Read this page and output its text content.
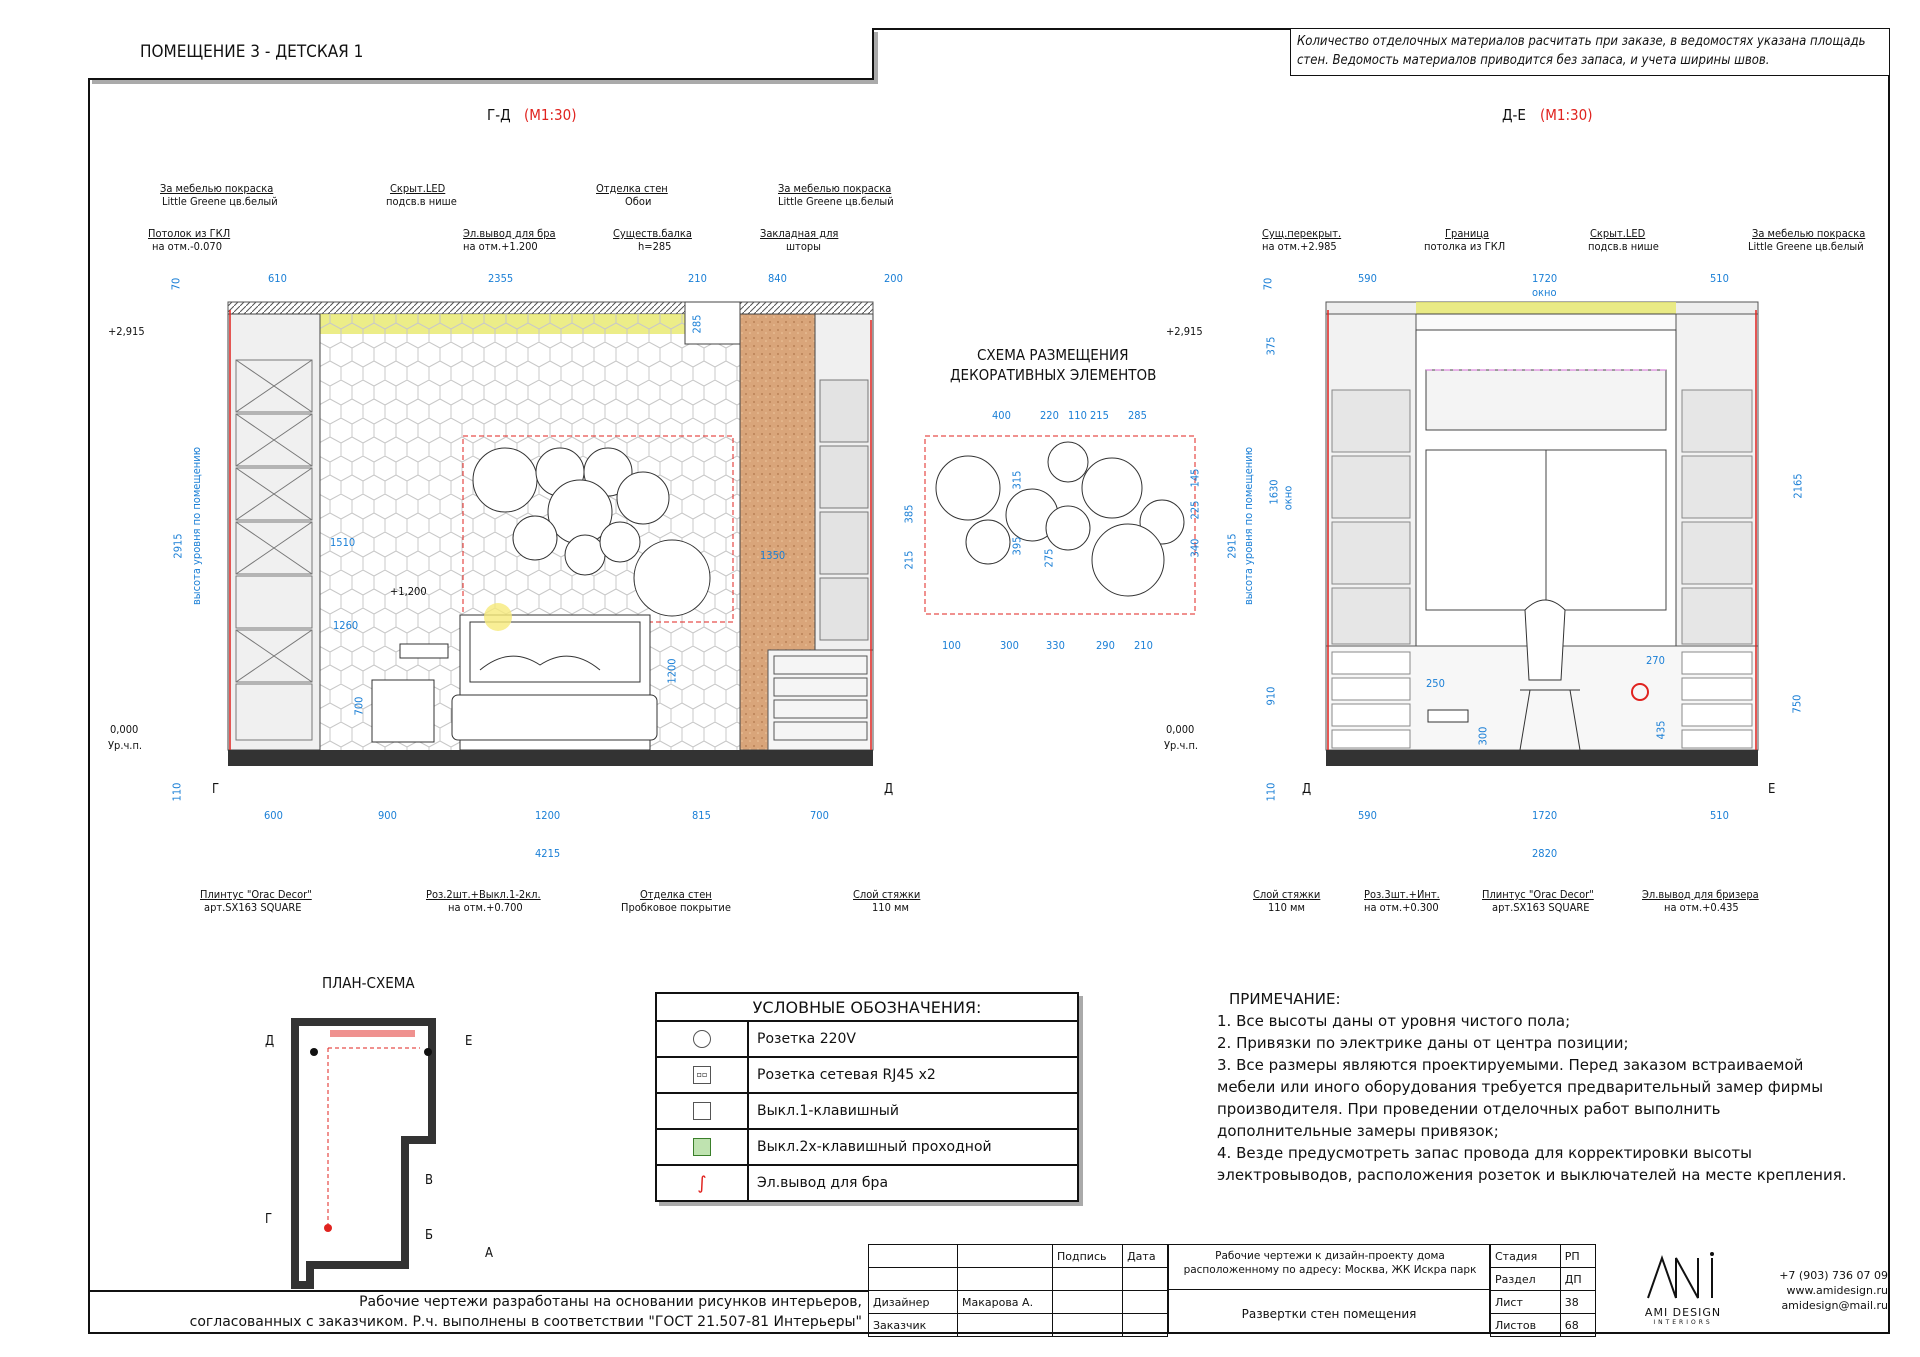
ПОМЕЩЕНИЕ 3 - ДЕТСКАЯ 1
Количество отделочных материалов расчитать при заказе, в ведомостях указана площадь стен. Ведомость материалов приводится без запаса, и учета ширины швов.
Г-Д (М1:30)
За мебелью покраска
Little Greene цв.белый
Потолок из ГКЛ
на отм.-0.070
Скрыт.LED
подсв.в нише
Эл.вывод для бра
на отм.+1.200
Отделка стен
Обои
Существ.балка
h=285
За мебелью покраска
Little Greene цв.белый
Закладная для
шторы
610	2355	210	840	200
70
285
1510
1260
1350
1200
700
+2,915
0,000
Ур.ч.п.
+1,200
2915 высота уровня по помещению
110 Г	Д
600	900	1200	815	700
4215
Плинтус "Orac Decor"
арт.SX163 SQUARE
Роз.2шт.+Выкл.1-2кл.
на отм.+0.700
Отделка стен
Пробковое покрытие
Слой стяжки
110 мм
Д-Е (М1:30)
Сущ.перекрыт.
на отм.+2.985
Граница
потолка из ГКЛ
Скрыт.LED
подсв.в нише
За мебелью покраска
Little Greene цв.белый
590	1720	510
70
окно
375
1630 окно
910
2915 высота уровня по помещению	2165
750
250
270
300	435
+2,915
0,000
Ур.ч.п.
110 Д	Е
590	1720	510
2820
Слой стяжки
110 мм
Роз.3шт.+Инт.
на отм.+0.300
Плинтус "Orac Decor"
арт.SX163 SQUARE
Эл.вывод для бризера
на отм.+0.435
СХЕМА РАЗМЕЩЕНИЯ
ДЕКОРАТИВНЫХ ЭЛЕМЕНТОВ
400	220 110 215 285
385
215
315
395
275
145
225
340
100	300 330	290 210
ПЛАН-СХЕМА
Д	Е
В
Г
Б
А
УСЛОВНЫЕ ОБОЗНАЧЕНИЯ:	
	Розетка 220V
▫▫	Розетка сетевая RJ45 х2
	Выкл.1-клавишный
	Выкл.2х-клавишный проходной
∫	Эл.вывод для бра
ПРИМЕЧАНИЕ:
1. Все высоты даны от уровня чистого пола;
2. Привязки по электрике даны от центра позиции;
3. Все размеры являются проектируемыми. Перед заказом встраиваемой
мебели или иного оборудования требуется предварительный замер фирмы
производителя. При проведении отделочных работ выполнить
дополнительные замеры привязок;
4. Везде предусмотреть запас провода для корректировки высоты
электровыводов, расположения розеток и выключателей на месте крепления.
Рабочие чертежи разработаны на основании рисунков интерьеров,
согласованных с заказчиком. Р.ч. выполнены в соответствии "ГОСТ 21.507-81 Интерьеры"
		Подпись	Дата

Дизайнер	Макарова А.		
Заказчик			
Рабочие чертежи к дизайн-проекту дома расположенному по адресу: Москва, ЖК Искра парк
Развертки стен помещения
Стадия	РП
Раздел	ДП
Лист	38
Листов	68
AMI DESIGN
INTERIORS
+7 (903) 736 07 09
www.amidesign.ru
amidesign@mail.ru
